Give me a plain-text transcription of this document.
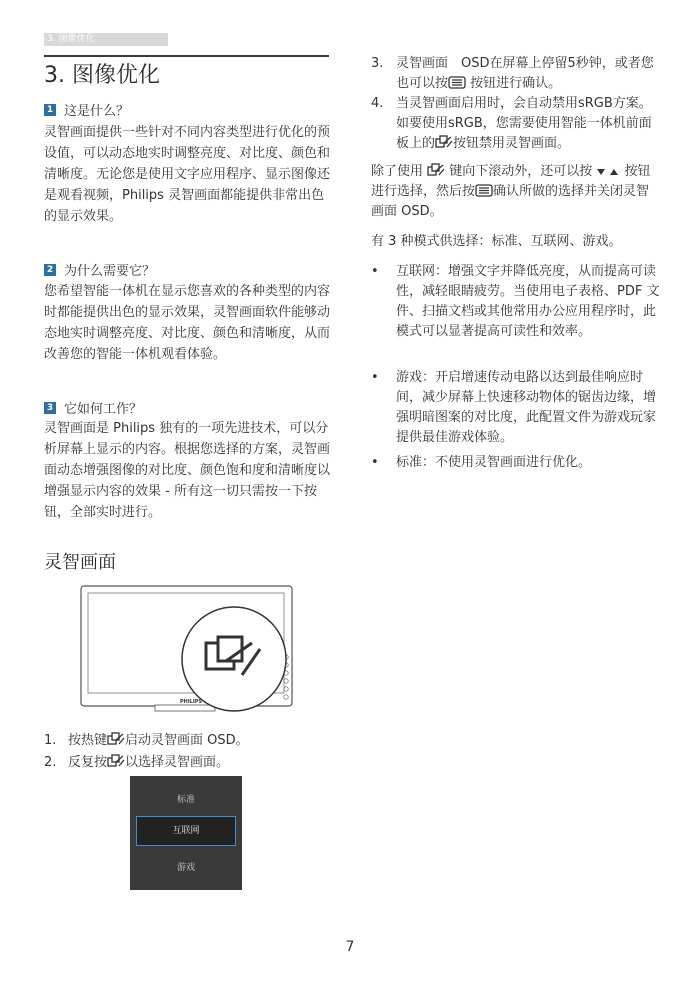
3. 图像优化
3. 图像优化
1 这是什么？
灵智画面提供一些针对不同内容类型进行优化的预设值，可以动态地实时调整亮度、对比度、颜色和清晰度。无论您是使用文字应用程序、显示图像还是观看视频，Philips 灵智画面都能提供非常出色的显示效果。
2 为什么需要它？
您希望智能一体机在显示您喜欢的各种类型的内容时都能提供出色的显示效果，灵智画面软件能够动态地实时调整亮度、对比度、颜色和清晰度，从而改善您的智能一体机观看体验。
3 它如何工作？
灵智画面是 Philips 独有的一项先进技术，可以分析屏幕上显示的内容。根据您选择的方案，灵智画面动态增强图像的对比度、颜色饱和度和清晰度以增强显示内容的效果 - 所有这一切只需按一下按钮，全部实时进行。
灵智画面
PHILIPS
1. 按热键 启动灵智画面 OSD。
2. 反复按 以选择灵智画面。
标准
互联网
游戏
3. 灵智画面　OSD在屏幕上停留5秒钟，或者您也可以按 按钮进行确认。
4. 当灵智画面启用时，会自动禁用sRGB方案。如要使用sRGB，您需要使用智能一体机前面板上的 按钮禁用灵智画面。
除了使用  键向下滚动外，还可以按  按钮进行选择，然后按 确认所做的选择并关闭灵智画面 OSD。
有 3 种模式供选择：标准、互联网、游戏。
•	互联网：增强文字并降低亮度，从而提高可读性，减轻眼睛疲劳。当使用电子表格、PDF 文件、扫描文档或其他常用办公应用程序时，此模式可以显著提高可读性和效率。
•	游戏：开启增速传动电路以达到最佳响应时间，减少屏幕上快速移动物体的锯齿边缘，增强明暗图案的对比度，此配置文件为游戏玩家提供最佳游戏体验。
•	标准：不使用灵智画面进行优化。
7
